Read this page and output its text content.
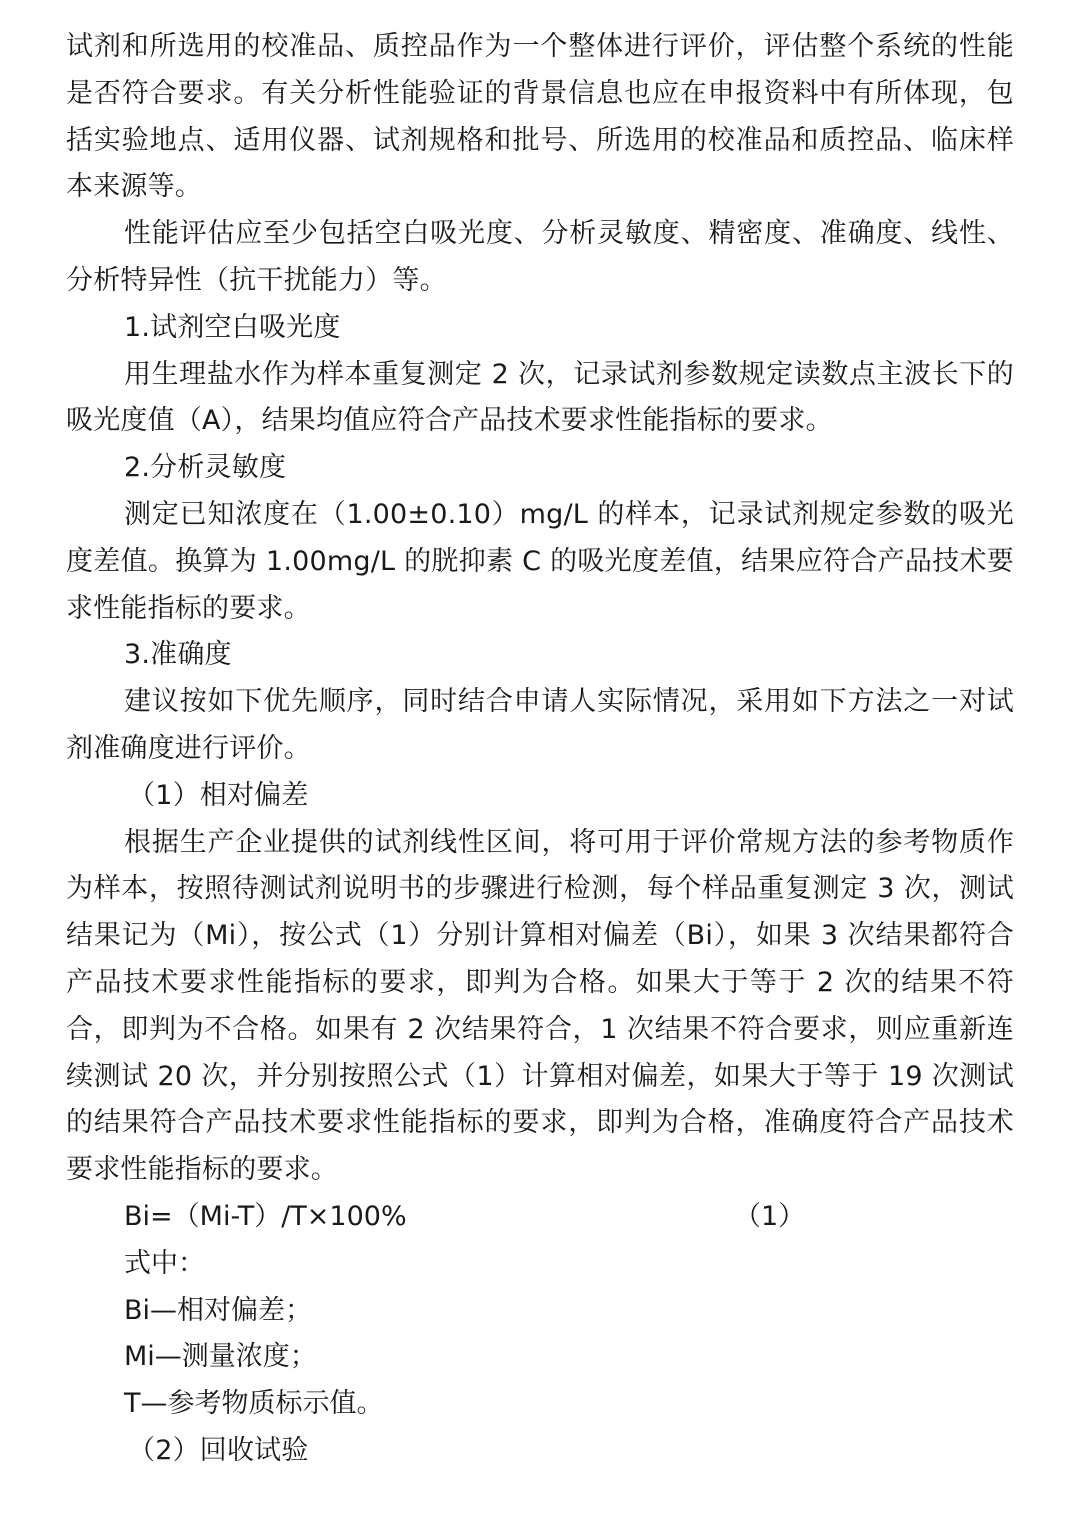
试剂和所选用的校准品、质控品作为一个整体进行评价，评估整个系统的性能是否符合要求。有关分析性能验证的背景信息也应在申报资料中有所体现，包括实验地点、适用仪器、试剂规格和批号、所选用的校准品和质控品、临床样本来源等。

性能评估应至少包括空白吸光度、分析灵敏度、精密度、准确度、线性、分析特异性（抗干扰能力）等。

1.试剂空白吸光度

用生理盐水作为样本重复测定 2 次，记录试剂参数规定读数点主波长下的吸光度值（A），结果均值应符合产品技术要求性能指标的要求。

2.分析灵敏度

测定已知浓度在（1.00±0.10）mg/L 的样本，记录试剂规定参数的吸光度差值。换算为 1.00mg/L 的胱抑素 C 的吸光度差值，结果应符合产品技术要求性能指标的要求。

3.准确度

建议按如下优先顺序，同时结合申请人实际情况，采用如下方法之一对试剂准确度进行评价。

（1）相对偏差

根据生产企业提供的试剂线性区间，将可用于评价常规方法的参考物质作为样本，按照待测试剂说明书的步骤进行检测，每个样品重复测定 3 次，测试结果记为（Mi），按公式（1）分别计算相对偏差（Bi），如果 3 次结果都符合产品技术要求性能指标的要求，即判为合格。如果大于等于 2 次的结果不符合，即判为不合格。如果有 2 次结果符合，1 次结果不符合要求，则应重新连续测试 20 次，并分别按照公式（1）计算相对偏差，如果大于等于 19 次测试的结果符合产品技术要求性能指标的要求，即判为合格，准确度符合产品技术要求性能指标的要求。

Bi=（Mi-T）/T×100%	（1）

式中：

Bi—相对偏差；

Mi—测量浓度；

T—参考物质标示值。

（2）回收试验
